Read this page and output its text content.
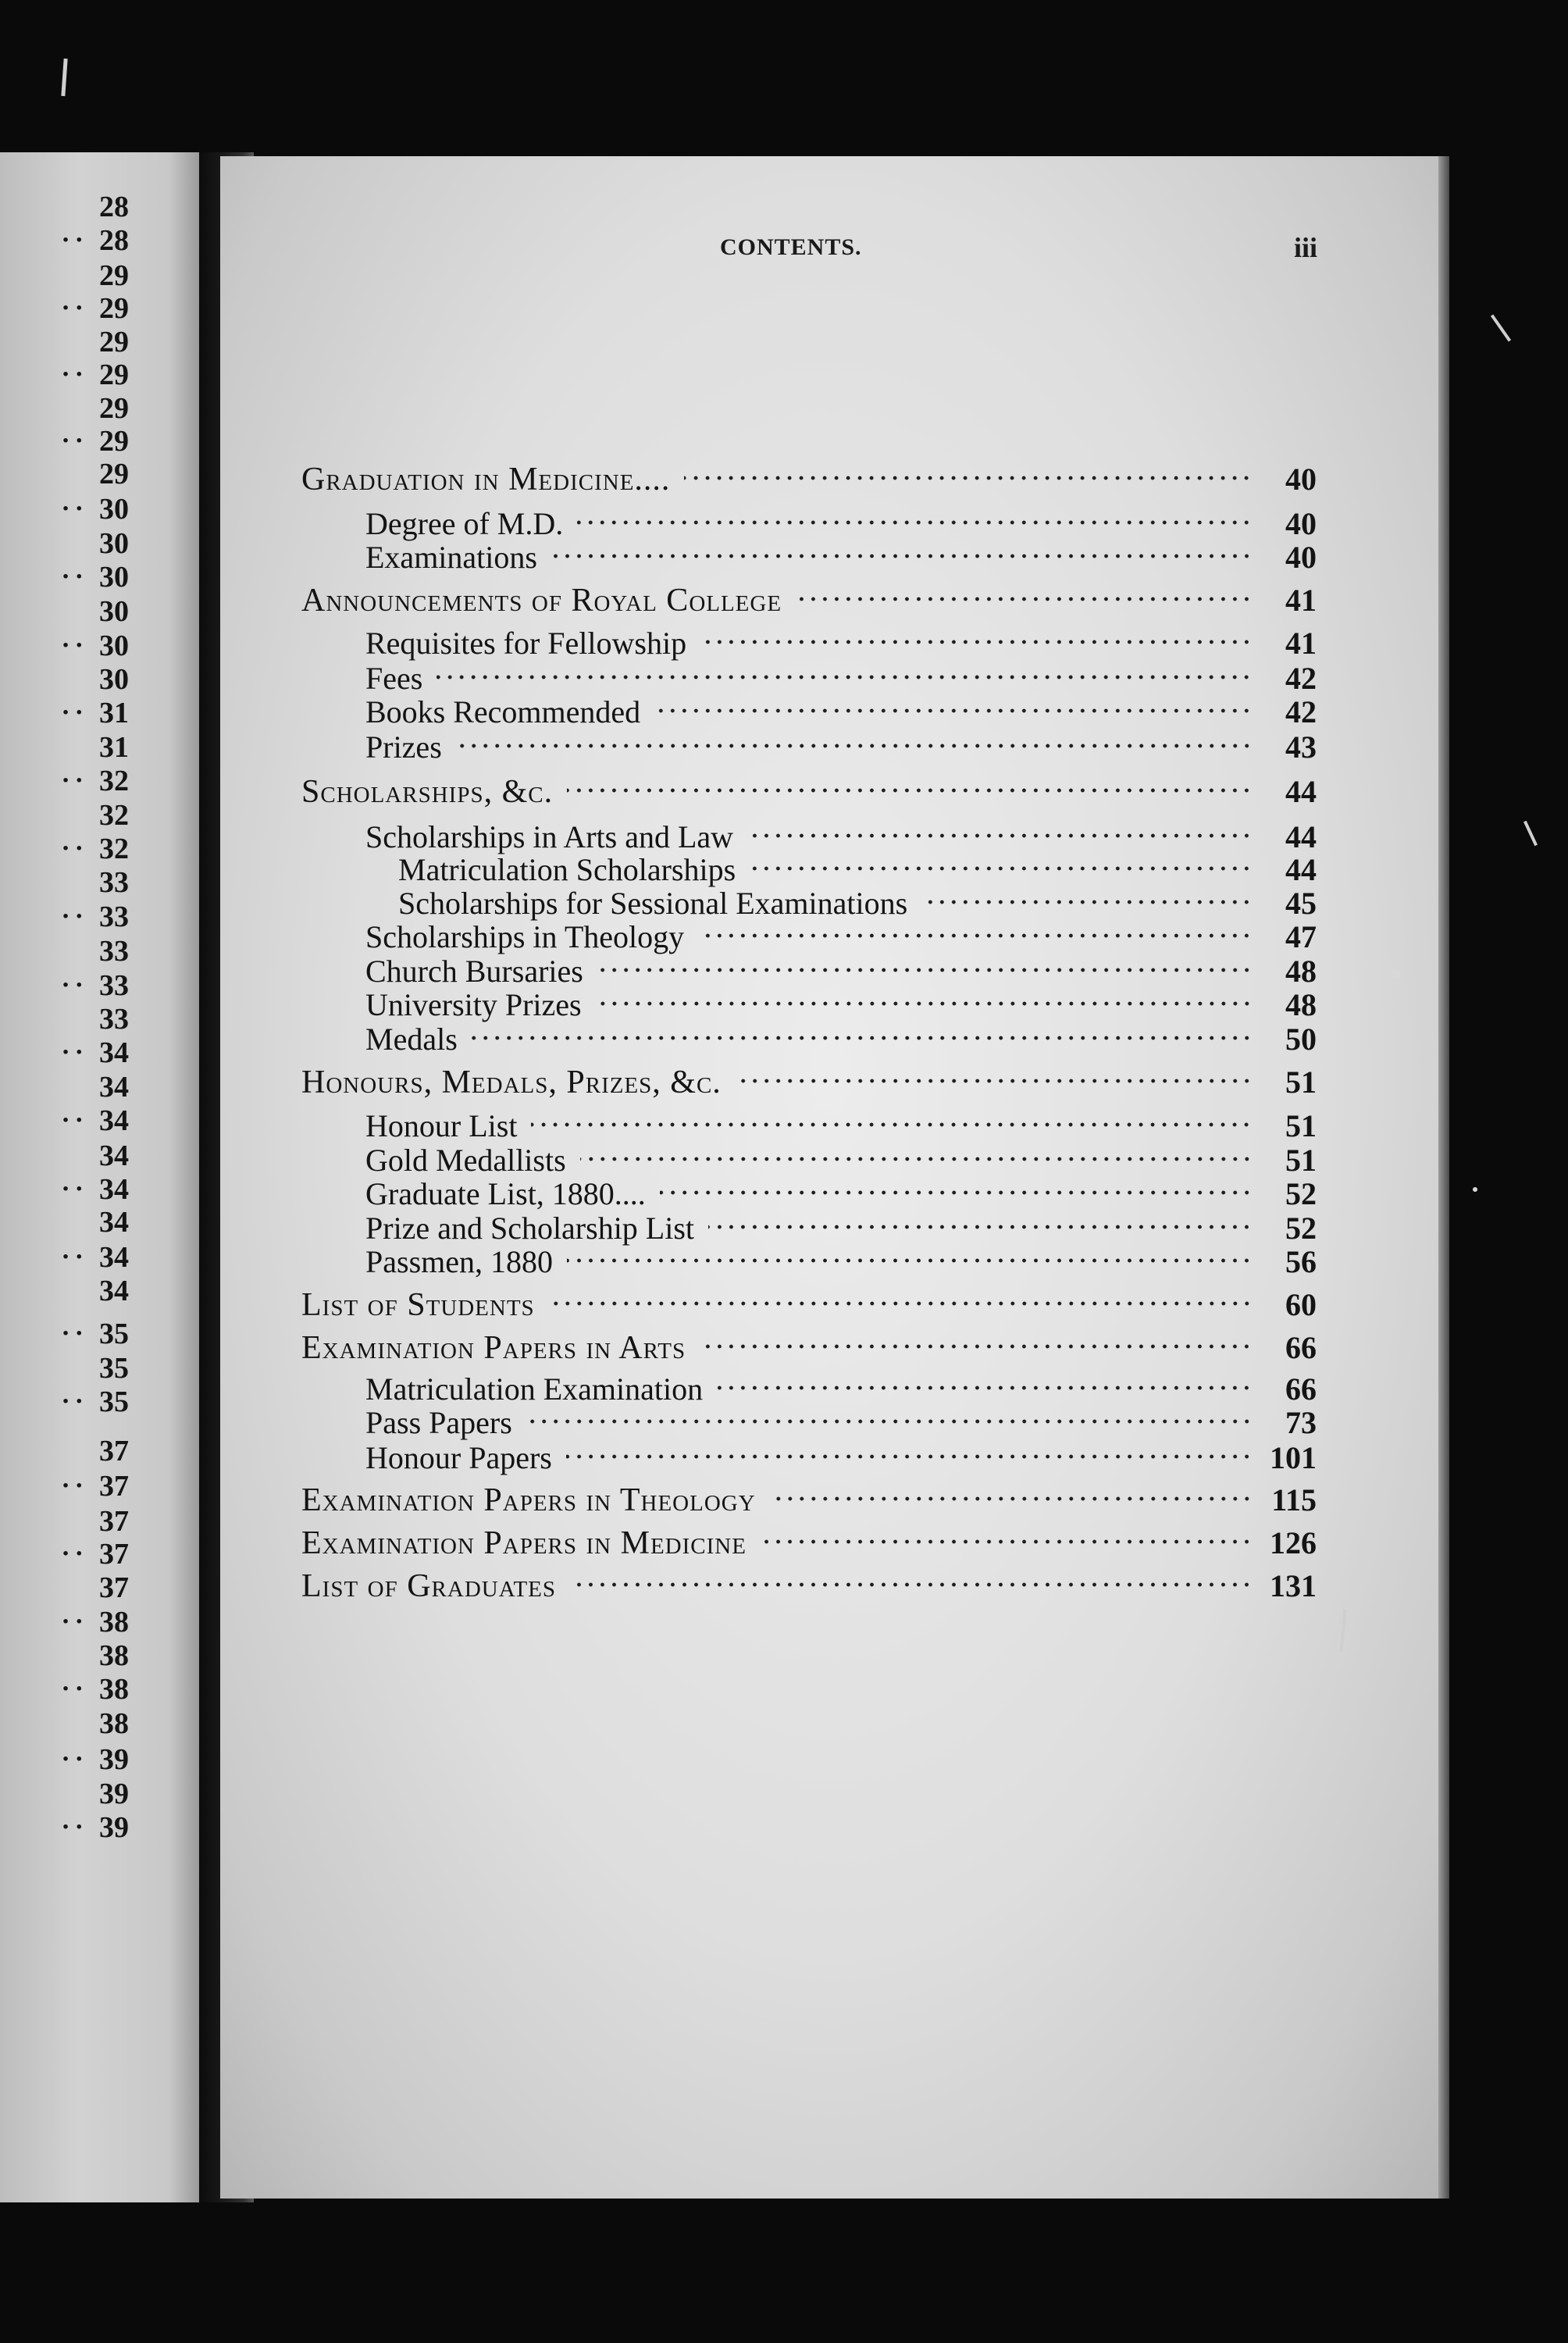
28
·· 28
29
·· 29
29
·· 29
29
·· 29
29
·· 30
30
·· 30
30
·· 30
30
·· 31
31
·· 32
32
·· 32
33
·· 33
33
·· 33
33
·· 34
34
·· 34
34
·· 34
34
·· 34
34
·· 35
35
·· 35
37
·· 37
37
·· 37
37
·· 38
38
·· 38
38
·· 39
39
·· 39
CONTENTS.	iii
Graduation in Medicine....	40
Degree of M.D.	40
Examinations	40
Announcements of Royal College	41
Requisites for Fellowship	41
Fees	42
Books Recommended	42
Prizes	43
Scholarships, &c.	44
Scholarships in Arts and Law	44
Matriculation Scholarships	44
Scholarships for Sessional Examinations	45
Scholarships in Theology	47
Church Bursaries	48
University Prizes	48
Medals	50
Honours, Medals, Prizes, &c.	51
Honour List	51
Gold Medallists	51
Graduate List, 1880....	52
Prize and Scholarship List	52
Passmen, 1880	56
List of Students	60
Examination Papers in Arts	66
Matriculation Examination	66
Pass Papers	73
Honour Papers	101
Examination Papers in Theology	115
Examination Papers in Medicine	126
List of Graduates	131
